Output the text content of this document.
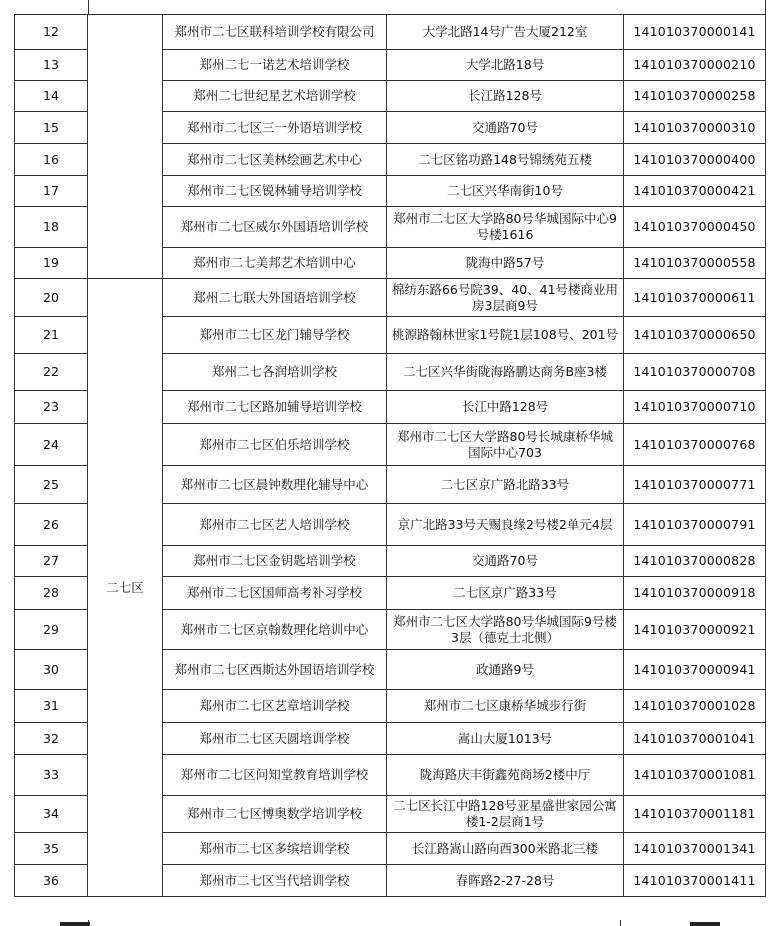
12		郑州市二七区联科培训学校有限公司	大学北路14号广告大厦212室	141010370000141
13		郑州二七一诺艺术培训学校	大学北路18号	141010370000210
14		郑州二七世纪星艺术培训学校	长江路128号	141010370000258
15		郑州市二七区三一外语培训学校	交通路70号	141010370000310
16		郑州市二七区美林绘画艺术中心	二七区铭功路148号锦绣苑五楼	141010370000400
17		郑州市二七区锐林辅导培训学校	二七区兴华南街10号	141010370000421
18		郑州市二七区威尔外国语培训学校	郑州市二七区大学路80号华城国际中心9号楼1616	141010370000450
19		郑州市二七美邦艺术培训中心	陇海中路57号	141010370000558
20	二七区	郑州二七联大外国语培训学校	棉纺东路66号院39、40、41号楼商业用房3层商9号	141010370000611
21		郑州市二七区龙门辅导学校	桃源路翰林世家1号院1层108号、201号	141010370000650
22		郑州二七各润培训学校	二七区兴华街陇海路鹏达商务B座3楼	141010370000708
23		郑州市二七区路加辅导培训学校	长江中路128号	141010370000710
24		郑州市二七区伯乐培训学校	郑州市二七区大学路80号长城康桥华城国际中心703	141010370000768
25		郑州市二七区晨钟数理化辅导中心	二七区京广路北路33号	141010370000771
26		郑州市二七区艺人培训学校	京广北路33号天赐良缘2号楼2单元4层	141010370000791
27		郑州市二七区金钥匙培训学校	交通路70号	141010370000828
28		郑州市二七区国师高考补习学校	二七区京广路33号	141010370000918
29		郑州市二七区京翰数理化培训中心	郑州市二七区大学路80号华城国际9号楼3层（德克士北侧）	141010370000921
30		郑州市二七区西斯达外国语培训学校	政通路9号	141010370000941
31		郑州市二七区艺章培训学校	郑州市二七区康桥华城步行街	141010370001028
32		郑州市二七区天圆培训学校	嵩山大厦1013号	141010370001041
33		郑州市二七区问知堂教育培训学校	陇海路庆丰街鑫苑商场2楼中厅	141010370001081
34		郑州市二七区博奥数学培训学校	二七区长江中路128号亚星盛世家园公寓楼1-2层商1号	141010370001181
35		郑州市二七区多缤培训学校	长江路嵩山路向西300米路北三楼	141010370001341
36		郑州市二七区当代培训学校	春晖路2-27-28号	141010370001411
